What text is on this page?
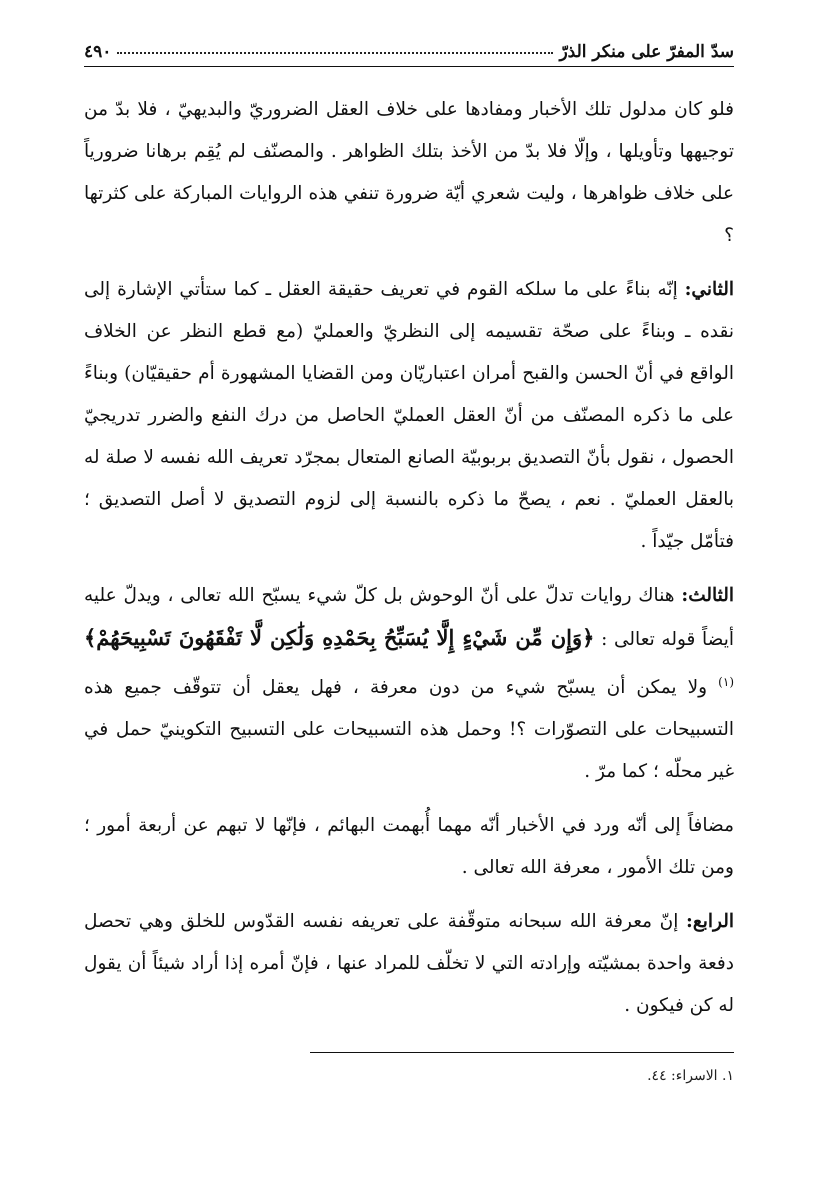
سدّ المفرّ على منكر الذرّ
٤٩٠

فلو كان مدلول تلك الأخبار ومفادها على خلاف العقل الضروريّ والبديهيّ ، فلا بدّ من توجيهها وتأويلها ، وإلّا فلا بدّ من الأخذ بتلك الظواهر . والمصنّف لم يُقِم برهانا ضرورياً على خلاف ظواهرها ، وليت شعري أيّة ضرورة تنفي هذه الروايات المباركة على كثرتها ؟

الثاني: إنّه بناءً على ما سلكه القوم في تعريف حقيقة العقل ـ كما ستأتي الإشارة إلى نقده ـ وبناءً على صحّة تقسيمه إلى النظريّ والعمليّ (مع قطع النظر عن الخلاف الواقع في أنّ الحسن والقبح أمران اعتباريّان ومن القضايا المشهورة أم حقيقيّان) وبناءً على ما ذكره المصنّف من أنّ العقل العمليّ الحاصل من درك النفع والضرر تدريجيّ الحصول ، نقول بأنّ التصديق بربوبيّة الصانع المتعال بمجرّد تعريف الله نفسه لا صلة له بالعقل العمليّ . نعم ، يصحّ ما ذكره بالنسبة إلى لزوم التصديق لا أصل التصديق ؛ فتأمّل جيّداً .

الثالث: هناك روايات تدلّ على أنّ الوحوش بل كلّ شيء يسبّح الله تعالى ، ويدلّ عليه أيضاً قوله تعالى : ﴿وَإِن مِّن شَيْءٍ إِلَّا يُسَبِّحُ بِحَمْدِهِ وَلَٰكِن لَّا تَفْقَهُونَ تَسْبِيحَهُمْ﴾$^{(١)}$ ولا يمكن أن يسبّح شيء من دون معرفة ، فهل يعقل أن تتوقّف جميع هذه التسبيحات على التصوّرات ؟! وحمل هذه التسبيحات على التسبيح التكوينيّ حمل في غير محلّه ؛ كما مرّ .

مضافاً إلى أنّه ورد في الأخبار أنّه مهما أُبهمت البهائم ، فإنّها لا تبهم عن أربعة أمور ؛ ومن تلك الأمور ، معرفة الله تعالى .

الرابع: إنّ معرفة الله سبحانه متوقّفة على تعريفه نفسه القدّوس للخلق وهي تحصل دفعة واحدة بمشيّته وإرادته التي لا تخلّف للمراد عنها ، فإنّ أمره إذا أراد شيئاً أن يقول له كن فيكون .

١. الاسراء: ٤٤.
